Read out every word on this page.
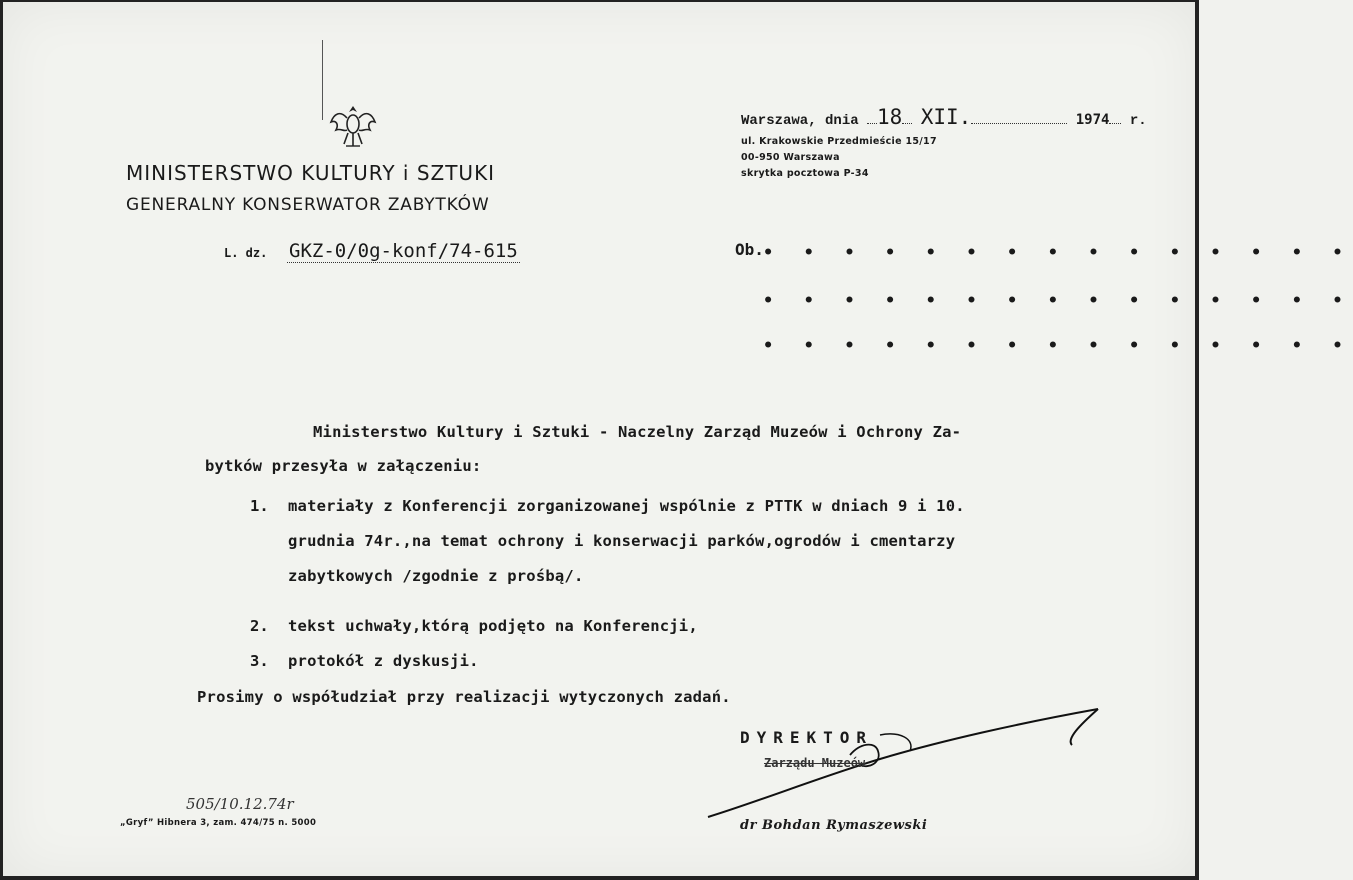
MINISTERSTWO KULTURY i SZTUKI
GENERALNY KONSERWATOR ZABYTKÓW
L. dz. GKZ-0/0g-konf/74-615
Warszawa, dnia 18 XII.	1974 r.
ul. Krakowskie Przedmieście 15/17
00-950 Warszawa
skrytka pocztowa P-34
Ob. • • • • • • • • • • • • • • •
• • • • • • • • • • • • • • •
• • • • • • • • • • • • • • •
Ministerstwo Kultury i Sztuki - Naczelny Zarząd Muzeów i Ochrony Za-
bytków przesyła w załączeniu:
1. materiały z Konferencji zorganizowanej wspólnie z PTTK w dniach 9 i 10.
grudnia 74r.,na temat ochrony i konserwacji parków,ogrodów i cmentarzy
zabytkowych /zgodnie z prośbą/.
2. tekst uchwały,którą podjęto na Konferencji,
3. protokół z dyskusji.
Prosimy o współudział przy realizacji wytyczonych zadań.
DYREKTOR
Zarządu Muzeów
dr Bohdan Rymaszewski
505/10.12.74r
„Gryf” Hibnera 3, zam. 474/75 n. 5000
